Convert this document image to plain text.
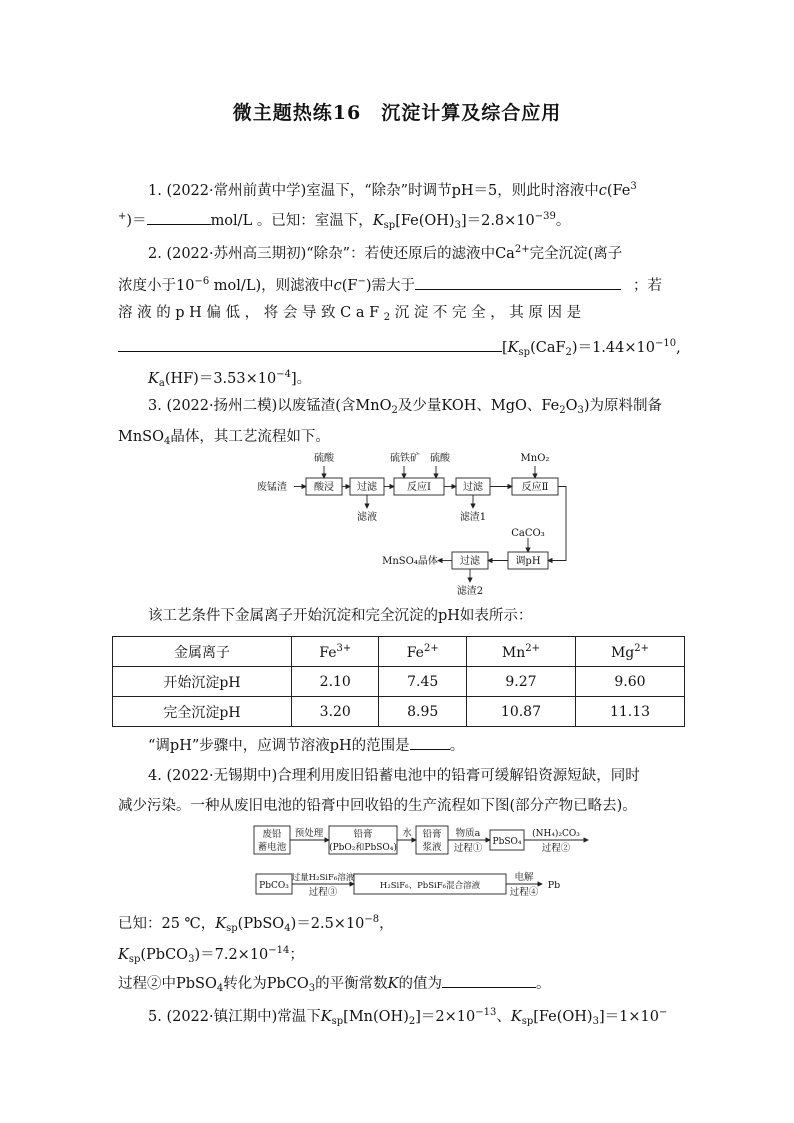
微主题热练16　沉淀计算及综合应用
1. (2022·常州前黄中学)室温下，“除杂”时调节pH＝5，则此时溶液中c(Fe$^3$
+)＝	mol/L 。已知：室温下，$K_{sp}[Fe(OH)_3]=2.8\times 10^{-39}$。
2. (2022·苏州高三期初)“除杂”：若使还原后的滤液中$Ca^{2+}$完全沉淀(离子
浓度小于$10^{-6}$ mol/L)，则滤液中c(F−)需大于	；若
溶液的pH偏低，将会导致CaF$_2$沉淀不完全，其原因是
[$K_{sp}(CaF_2)=1.44\times 10^{-10}$,
$K_a(HF)=3.53\times 10^{-4}$]。
3. (2022·扬州二模)以废锰渣(含MnO$_2$及少量KOH、MgO、$Fe_2O_3$)为原料制备
MnSO$_4$晶体，其工艺流程如下。
废锰渣
硫酸
酸浸 过滤
滤液
硫铁矿 硫酸
反应Ⅰ	过滤
滤渣1
MnO₂
反应Ⅱ
CaCO₃
调pH
过滤
滤渣2
MnSO₄晶体
该工艺条件下金属离子开始沉淀和完全沉淀的pH如表所示：
金属离子	$Fe^{3+}$	$Fe^{2+}$	$Mn^{2+}$	$Mg^{2+}$
开始沉淀pH	2.10	7.45	9.27	9.60
完全沉淀pH	3.20	8.95	10.87	11.13
“调pH”步骤中，应调节溶液pH的范围是	。
4. (2022·无锡期中)合理利用废旧铅蓄电池中的铅膏可缓解铅资源短缺，同时
减少污染。一种从废旧电池的铅膏中回收铅的生产流程如下图(部分产物已略去)。
废铅
蓄电池
预处理	铅膏
(PbO₂和PbSO₄)
水 铅膏
浆液
物质a
过程①
PbSO₄
(NH₄)₂CO₃
过程②
PbCO₃
过量H₂SiF₆溶液
过程③
H₂SiF₆、PbSiF₆混合溶液
电解
过程④
Pb
已知：25 ℃，$K_{sp}(PbSO_4)=2.5\times 10^{-8}$，
$K_{sp}(PbCO_3)=7.2\times 10^{-14}$；
过程②中PbSO$_4$转化为PbCO$_3$的平衡常数K的值为	。
5. (2022·镇江期中)常温下$K_{sp}[Mn(OH)_2]=2\times 10^{-13}$、$K_{sp}[Fe(OH)_3]=1\times 10^-$
